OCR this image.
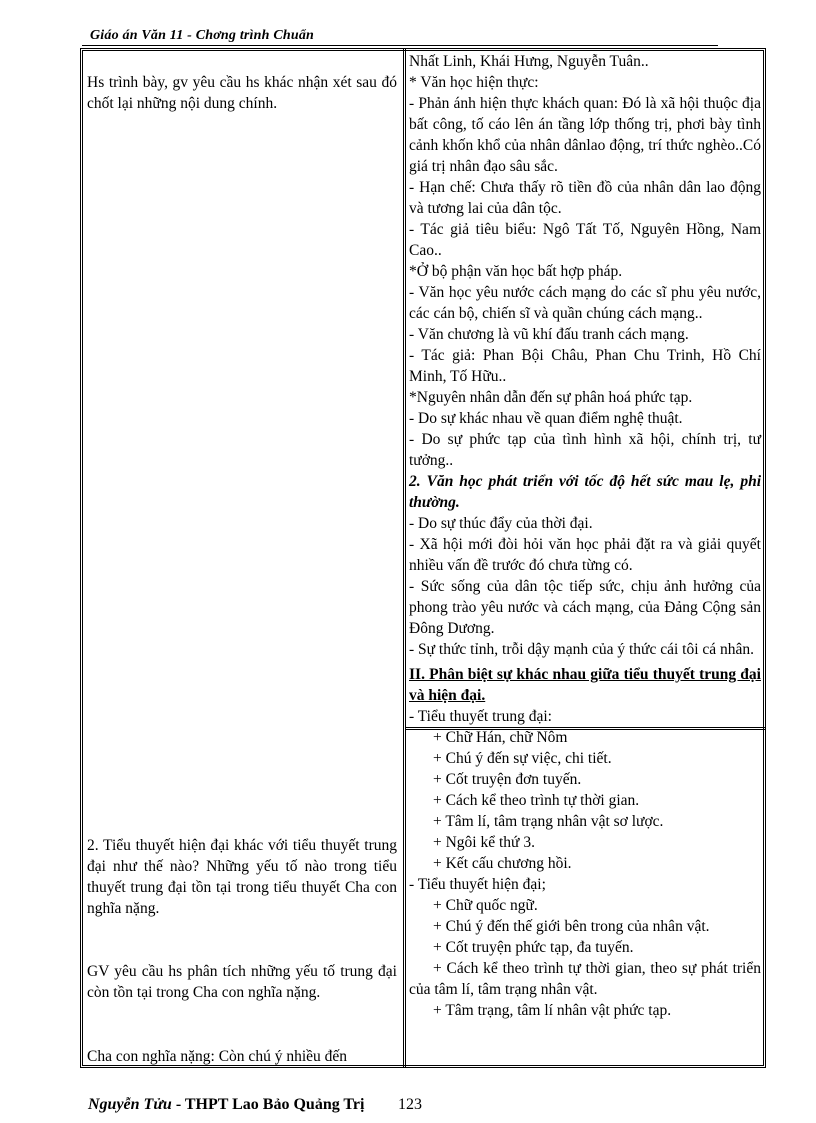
Giáo án Văn 11 - Chơng trình Chuẩn
Hs trình bày, gv yêu cầu hs khác nhận xét sau đó chốt lại những nội dung chính.
2. Tiểu thuyết hiện đại khác với tiểu thuyết trung đại như thế nào? Những yếu tố nào trong tiểu thuyết trung đại tồn tại trong tiểu thuyết Cha con nghĩa nặng.
GV yêu cầu hs phân tích những yếu tố trung đại còn tồn tại trong Cha con nghĩa nặng.
Cha con nghĩa nặng: Còn chú ý nhiều đến
Nhất Linh, Khái Hưng, Nguyễn Tuân..
* Văn học hiện thực:
- Phản ánh hiện thực khách quan: Đó là xã hội thuộc địa bất công, tố cáo lên án tầng lớp thống trị, phơi bày tình cảnh khốn khổ của nhân dânlao động, trí thức nghèo..Có giá trị nhân đạo sâu sắc.
- Hạn chế: Chưa thấy rõ tiền đồ của nhân dân lao động và tương lai của dân tộc.
- Tác giả tiêu biểu: Ngô Tất Tố, Nguyên Hồng, Nam Cao..
*Ở bộ phận văn học bất hợp pháp.
- Văn học yêu nước cách mạng do các sĩ phu yêu nước, các cán bộ, chiến sĩ và quần chúng cách mạng..
- Văn chương là vũ khí đấu tranh cách mạng.
- Tác giả: Phan Bội Châu, Phan Chu Trinh, Hồ Chí Minh, Tố Hữu..
*Nguyên nhân dẫn đến sự phân hoá phức tạp.
- Do sự khác nhau về quan điểm nghệ thuật.
- Do sự phức tạp của tình hình xã hội, chính trị, tư tưởng..
2. Văn học phát triển với tốc độ hết sức mau lẹ, phi thường.
- Do sự thúc đẩy của thời đại.
- Xã hội mới đòi hỏi văn học phải đặt ra và giải quyết nhiều vấn đề trước đó chưa từng có.
- Sức sống của dân tộc tiếp sức, chịu ảnh hưởng của phong trào yêu nước và cách mạng, của Đảng Cộng sản Đông Dương.
- Sự thức tỉnh, trỗi dậy mạnh của ý thức cái tôi cá nhân.
II. Phân biệt sự khác nhau giữa tiểu thuyết trung đại và hiện đại.
- Tiểu thuyết trung đại:
+ Chữ Hán, chữ Nôm
+ Chú ý đến sự việc, chi tiết.
+ Cốt truyện đơn tuyến.
+ Cách kể theo trình tự thời gian.
+ Tâm lí, tâm trạng nhân vật sơ lược.
+ Ngôi kể thứ 3.
+ Kết cấu chương hồi.
- Tiểu thuyết hiện đại;
+ Chữ quốc ngữ.
+ Chú ý đến thế giới bên trong của nhân vật.
+ Cốt truyện phức tạp, đa tuyến.
+ Cách kể theo trình tự thời gian, theo sự phát triển của tâm lí, tâm trạng nhân vật.
+ Tâm trạng, tâm lí nhân vật phức tạp.
Nguyễn Tửu - THPT Lao Bảo Quảng Trị 123
